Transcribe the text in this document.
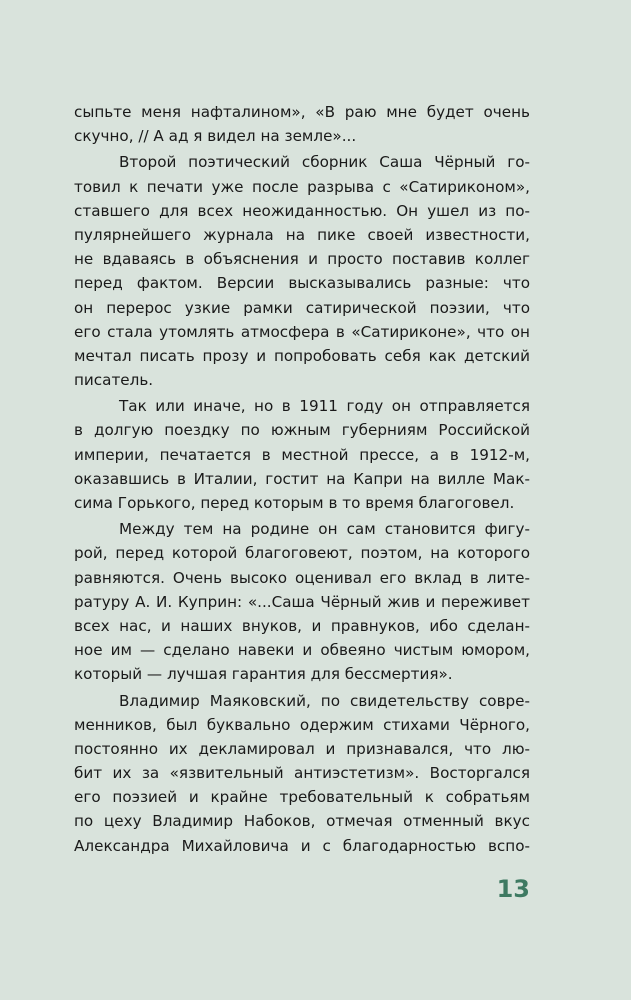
сыпьте меня нафталином», «В раю мне будет очень
скучно, // А ад я видел на земле»...
Второй поэтический сборник Саша Чёрный го-
товил к печати уже после разрыва с «Сатириконом»,
ставшего для всех неожиданностью. Он ушел из по-
пулярнейшего журнала на пике своей известности,
не вдаваясь в объяснения и просто поставив коллег
перед фактом. Версии высказывались разные: что
он перерос узкие рамки сатирической поэзии, что
его стала утомлять атмосфера в «Сатириконе», что он
мечтал писать прозу и попробовать себя как детский
писатель.
Так или иначе, но в 1911 году он отправляется
в долгую поездку по южным губерниям Российской
империи, печатается в местной прессе, а в 1912-м,
оказавшись в Италии, гостит на Капри на вилле Мак-
сима Горького, перед которым в то время благоговел.
Между тем на родине он сам становится фигу-
рой, перед которой благоговеют, поэтом, на которого
равняются. Очень высоко оценивал его вклад в лите-
ратуру А. И. Куприн: «...Саша Чёрный жив и переживет
всех нас, и наших внуков, и правнуков, ибо сделан-
ное им — сделано навеки и обвеяно чистым юмором,
который — лучшая гарантия для бессмертия».
Владимир Маяковский, по свидетельству совре-
менников, был буквально одержим стихами Чёрного,
постоянно их декламировал и признавался, что лю-
бит их за «язвительный антиэстетизм». Восторгался
его поэзией и крайне требовательный к собратьям
по цеху Владимир Набоков, отмечая отменный вкус
Александра Михайловича и с благодарностью вспо-
13
